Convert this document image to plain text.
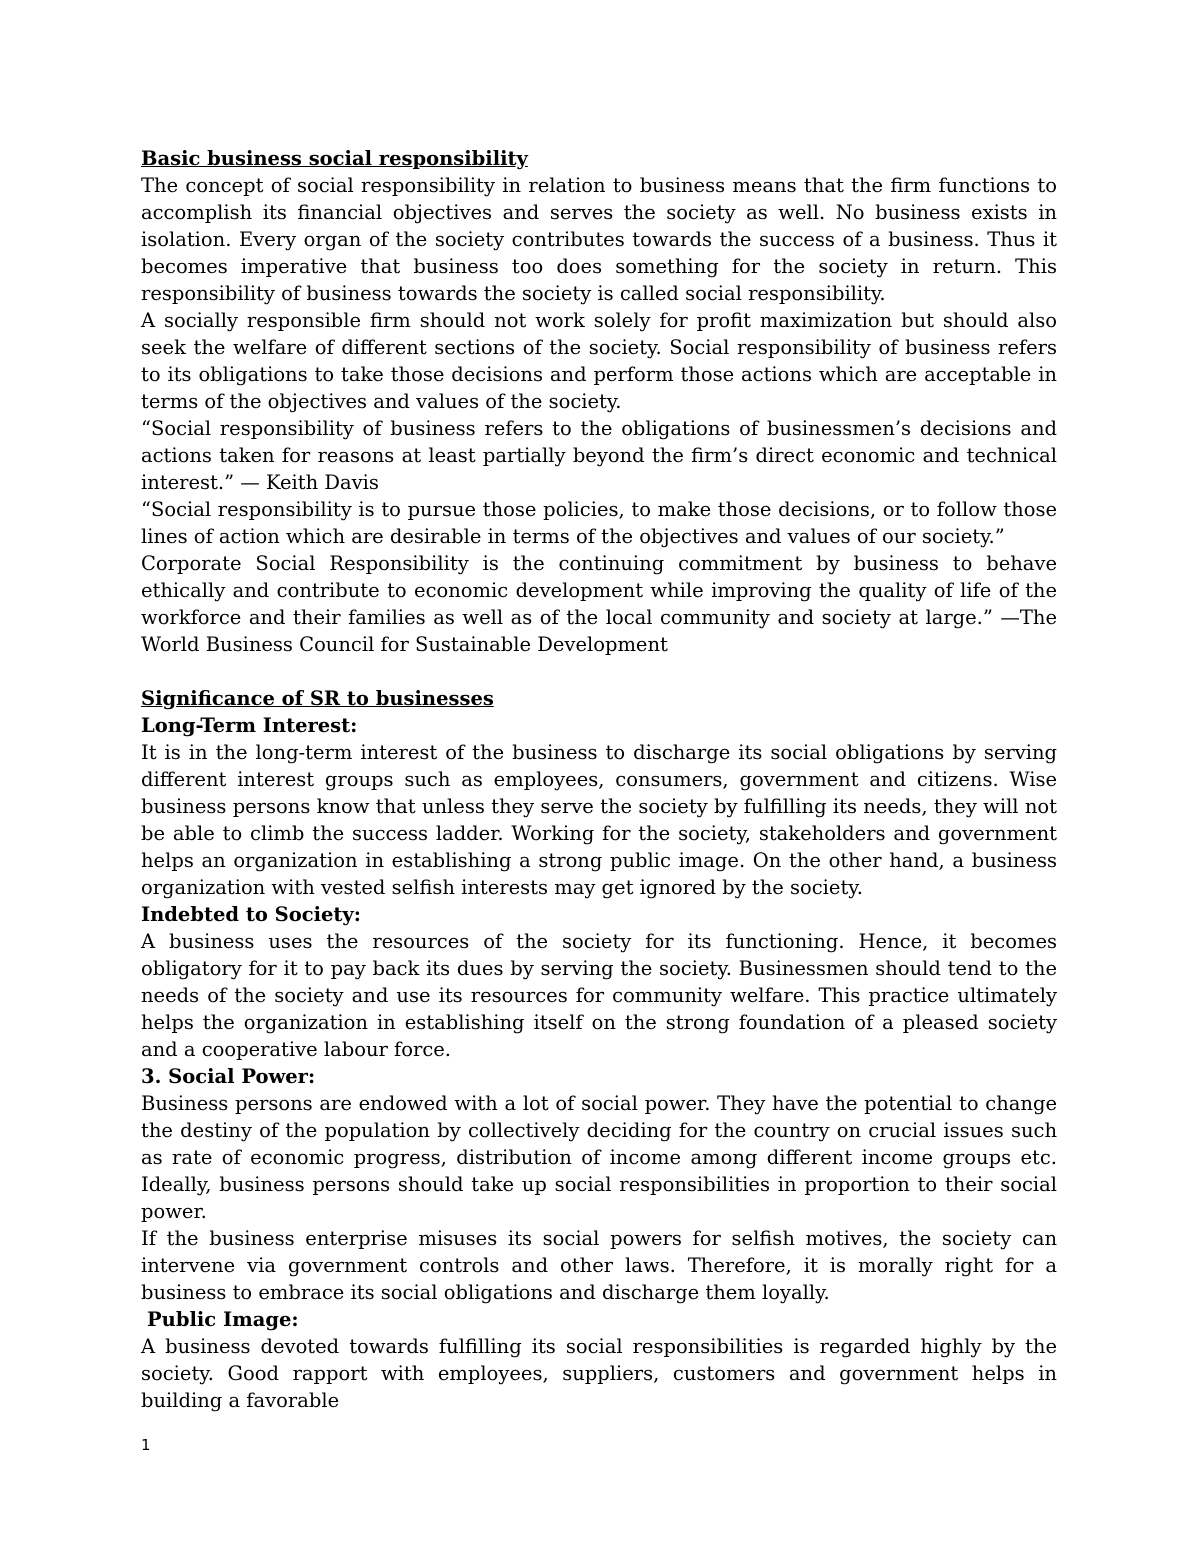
Basic business social responsibility

The concept of social responsibility in relation to business means that the firm functions to accomplish its financial objectives and serves the society as well. No business exists in isolation. Every organ of the society contributes towards the success of a business. Thus it becomes imperative that business too does something for the society in return. This responsibility of business towards the society is called social responsibility.

A socially responsible firm should not work solely for profit maximization but should also seek the welfare of different sections of the society. Social responsibility of business refers to its obligations to take those decisions and perform those actions which are acceptable in terms of the objectives and values of the society.

“Social responsibility of business refers to the obligations of businessmen’s decisions and actions taken for reasons at least partially beyond the firm’s direct economic and technical interest.” — Keith Davis

“Social responsibility is to pursue those policies, to make those decisions, or to follow those lines of action which are desirable in terms of the objectives and values of our society.”

Corporate Social Responsibility is the continuing commitment by business to behave ethically and contribute to economic development while improving the quality of life of the workforce and their families as well as of the local community and society at large.” —The World Business Council for Sustainable Development

Significance of SR to businesses

Long-Term Interest:

It is in the long-term interest of the business to discharge its social obligations by serving different interest groups such as employees, consumers, government and citizens. Wise business persons know that unless they serve the society by fulfilling its needs, they will not be able to climb the success ladder. Working for the society, stakeholders and government helps an organization in establishing a strong public image. On the other hand, a business organization with vested selfish interests may get ignored by the society.

Indebted to Society:

A business uses the resources of the society for its functioning. Hence, it becomes obligatory for it to pay back its dues by serving the society. Businessmen should tend to the needs of the society and use its resources for community welfare. This practice ultimately helps the organization in establishing itself on the strong foundation of a pleased society and a cooperative labour force.

3. Social Power:

Business persons are endowed with a lot of social power. They have the potential to change the destiny of the population by collectively deciding for the country on crucial issues such as rate of economic progress, distribution of income among different income groups etc. Ideally, business persons should take up social responsibilities in proportion to their social power.

If the business enterprise misuses its social powers for selfish motives, the society can intervene via government controls and other laws. Therefore, it is morally right for a business to embrace its social obligations and discharge them loyally.

Public Image:

A business devoted towards fulfilling its social responsibilities is regarded highly by the society. Good rapport with employees, suppliers, customers and government helps in building a favorable

1
